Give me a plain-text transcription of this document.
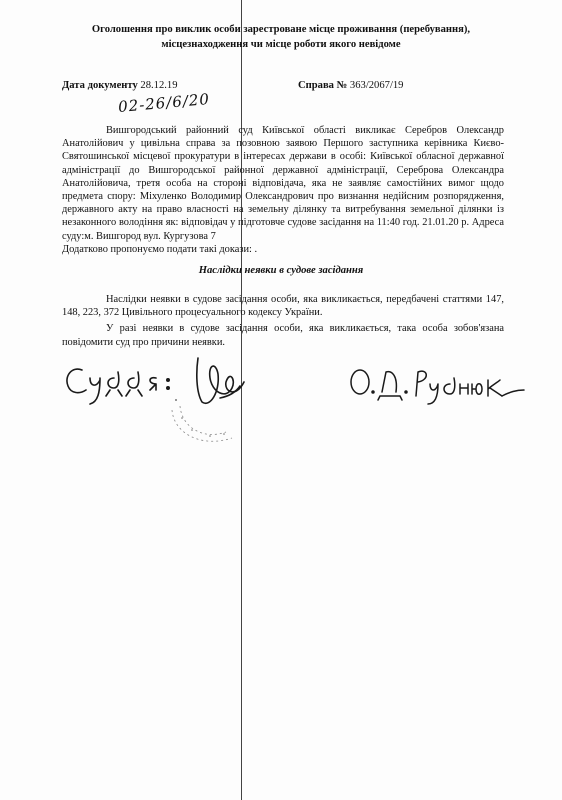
Оголошення про виклик особи зарестроване місце проживання (перебування),
місцезнаходження чи місце роботи якого невідоме
Дата документу 28.12.19	Справа № 363/2067/19
02-26/6/20

Вишгородський районний суд Київської області викликає Серебров Олександр Анатолійович у цивільна справа за позовною заявою Першого заступника керівника Києво-Святошинської місцевої прокуратури в інтересах держави в особі: Київської обласної державної адміністрації до Вишгородської районної державної адміністрації, Сереброва Олександра Анатолійовича, третя особа на стороні відповідача, яка не заявляє самостійних вимог щодо предмета спору: Міхуленко Володимир Олександрович про визнання недійсним розпорядження, державного акту на право власності на земельну ділянку та витребування земельної ділянки із незаконного володіння як: відповідач у підготовче судове засідання на 11:40 год. 21.01.20 р. Адреса суду:м. Вишгород вул. Кургузова 7

Додатково пропонуємо подати такі докази: .

Наслідки неявки в судове засідання

Наслідки неявки в судове засідання особи, яка викликається, передбачені статтями 147, 148, 223, 372 Цивільного процесуального кодексу України.

У разі неявки в судове засідання особи, яка викликається, така особа зобов'язана повідомити суд про причини неявки.
